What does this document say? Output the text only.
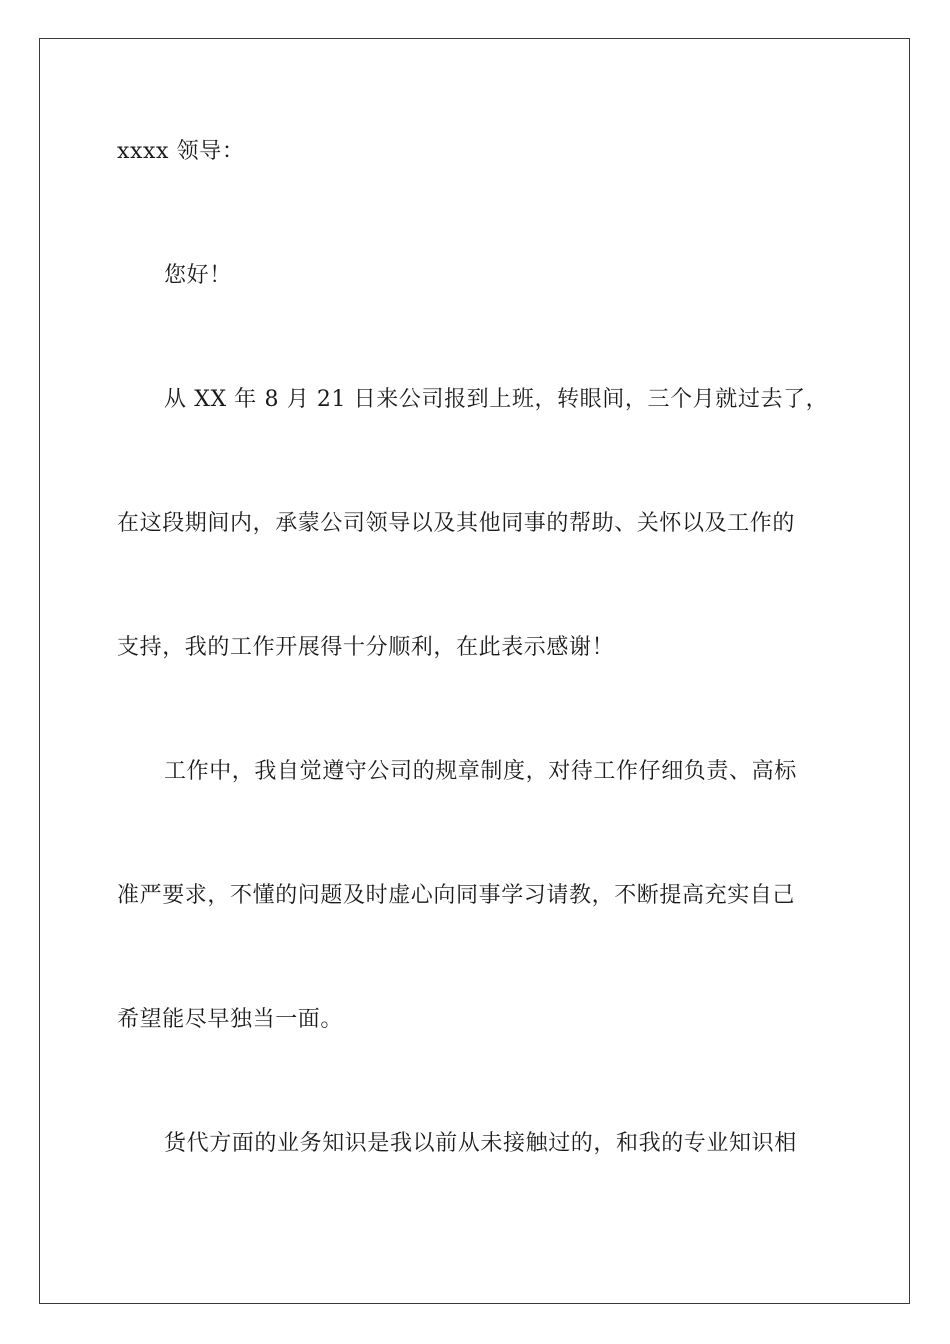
xxxx 领导：
您好！
从 XX 年 8 月 21 日来公司报到上班，转眼间，三个月就过去了，
在这段期间内，承蒙公司领导以及其他同事的帮助、关怀以及工作的
支持，我的工作开展得十分顺利，在此表示感谢！
工作中，我自觉遵守公司的规章制度，对待工作仔细负责、高标
准严要求，不懂的问题及时虚心向同事学习请教，不断提高充实自己
希望能尽早独当一面。
货代方面的业务知识是我以前从未接触过的，和我的专业知识相
